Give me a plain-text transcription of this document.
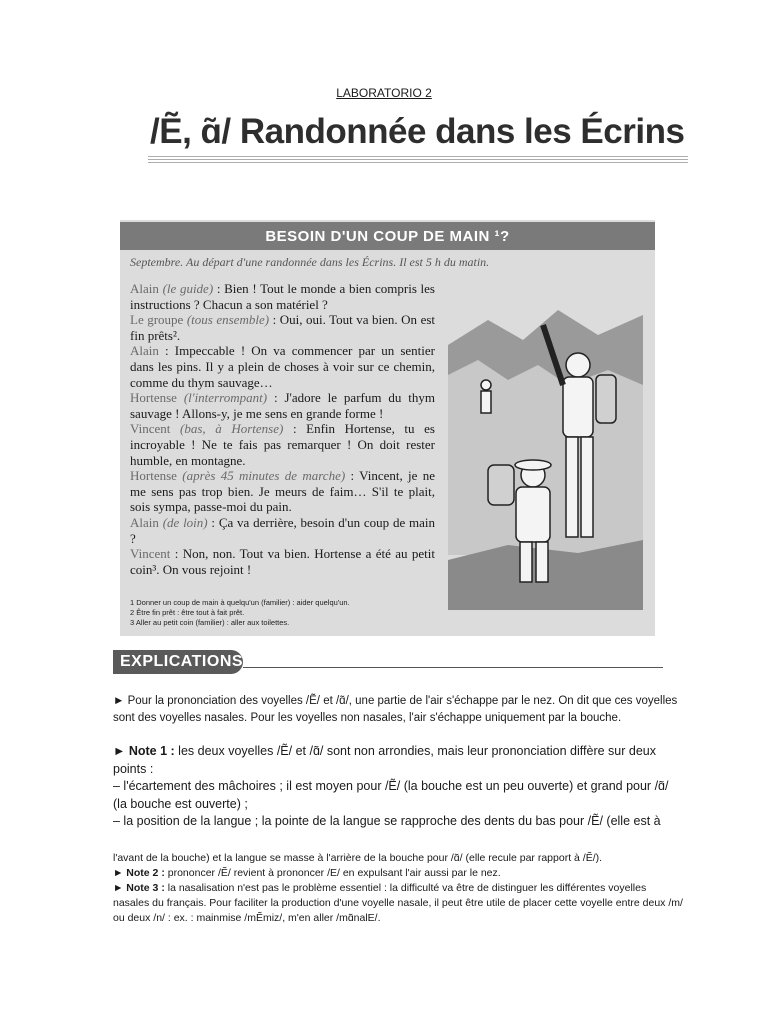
LABORATORIO 2
/Ẽ, ɑ̃/ Randonnée dans les Écrins
BESOIN D'UN COUP DE MAIN ¹?
Septembre. Au départ d'une randonnée dans les Écrins. Il est 5 h du matin.

Alain (le guide) : Bien ! Tout le monde a bien compris les instructions ? Chacun a son matériel ?

Le groupe (tous ensemble) : Oui, oui. Tout va bien. On est fin prêts².

Alain : Impeccable ! On va commencer par un sentier dans les pins. Il y a plein de choses à voir sur ce chemin, comme du thym sauvage…

Hortense (l'interrompant) : J'adore le parfum du thym sauvage ! Allons-y, je me sens en grande forme !

Vincent (bas, à Hortense) : Enfin Hortense, tu es incroyable ! Ne te fais pas remarquer ! On doit rester humble, en montagne.

Hortense (après 45 minutes de marche) : Vincent, je ne me sens pas trop bien. Je meurs de faim… S'il te plait, sois sympa, passe-moi du pain.

Alain (de loin) : Ça va derrière, besoin d'un coup de main ?

Vincent : Non, non. Tout va bien. Hortense a été au petit coin³. On vous rejoint !

1 Donner un coup de main à quelqu'un (familier) : aider quelqu'un.

2 Être fin prêt : être tout à fait prêt.

3 Aller au petit coin (familier) : aller aux toilettes.

EXPLICATIONS

► Pour la prononciation des voyelles /Ẽ/ et /ɑ̃/, une partie de l'air s'échappe par le nez. On dit que ces voyelles sont des voyelles nasales. Pour les voyelles non nasales, l'air s'échappe uniquement par la bouche.

► Note 1 : les deux voyelles /Ẽ/ et /ɑ̃/ sont non arrondies, mais leur prononciation diffère sur deux points :

– l'écartement des mâchoires ; il est moyen pour /Ẽ/ (la bouche est un peu ouverte) et grand pour /ɑ̃/ (la bouche est ouverte) ;

– la position de la langue ; la pointe de la langue se rapproche des dents du bas pour /Ẽ/ (elle est à

l'avant de la bouche) et la langue se masse à l'arrière de la bouche pour /ɑ̃/ (elle recule par rapport à /Ẽ/).

► Note 2 : prononcer /Ẽ/ revient à prononcer /E/ en expulsant l'air aussi par le nez.

► Note 3 : la nasalisation n'est pas le problème essentiel : la difficulté va être de distinguer les différentes voyelles nasales du français. Pour faciliter la production d'une voyelle nasale, il peut être utile de placer cette voyelle entre deux /m/ ou deux /n/ : ex. : mainmise /mẼmiz/, m'en aller /mɑ̃nalE/.
